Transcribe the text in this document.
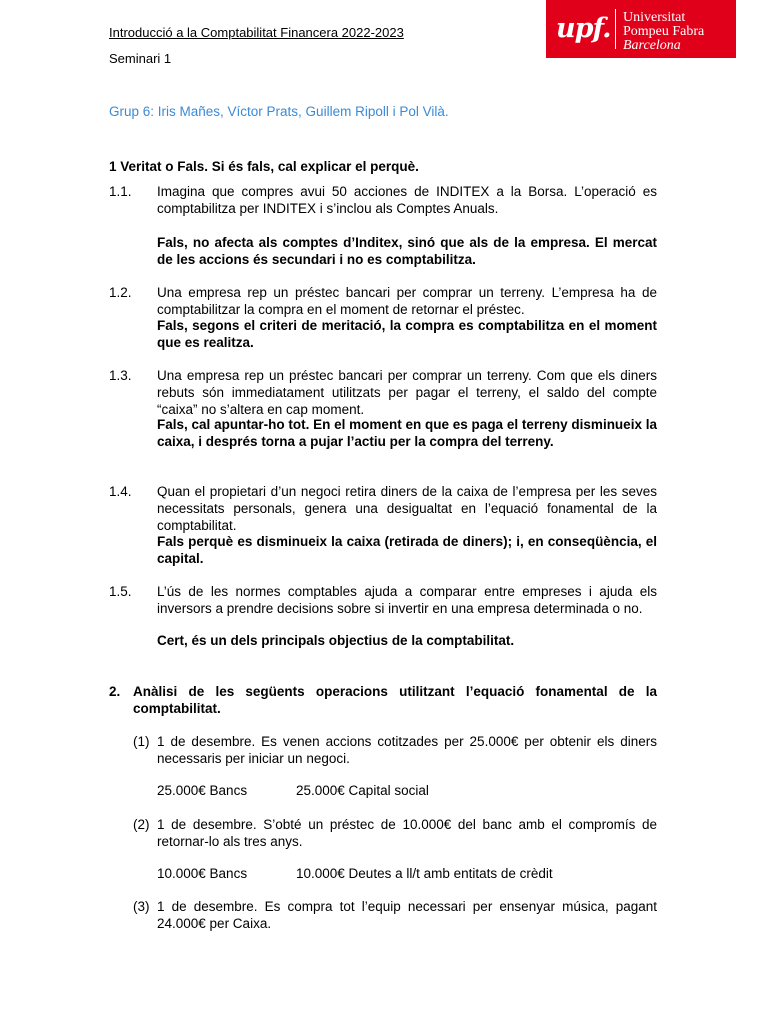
Introducció a la Comptabilitat Financera 2022-2023
Seminari 1
upf. Universitat
Pompeu Fabra
Barcelona
Grup 6: Iris Mañes, Víctor Prats, Guillem Ripoll i Pol Vilà.
1 Veritat o Fals. Si és fals, cal explicar el perquè.
1.1. Imagina que compres avui 50 acciones de INDITEX a la Borsa. L’operació es comptabilitza per INDITEX i s’inclou als Comptes Anuals.
Fals, no afecta als comptes d’Inditex, sinó que als de la empresa. El mercat de les accions és secundari i no es comptabilitza.
1.2. Una empresa rep un préstec bancari per comprar un terreny. L’empresa ha de comptabilitzar la compra en el moment de retornar el préstec.
Fals, segons el criteri de meritació, la compra es comptabilitza en el moment que es realitza.
1.3. Una empresa rep un préstec bancari per comprar un terreny. Com que els diners rebuts són immediatament utilitzats per pagar el terreny, el saldo del compte “caixa” no s’altera en cap moment.
Fals, cal apuntar-ho tot. En el moment en que es paga el terreny disminueix la caixa, i després torna a pujar l’actiu per la compra del terreny.
1.4. Quan el propietari d’un negoci retira diners de la caixa de l’empresa per les seves necessitats personals, genera una desigualtat en l’equació fonamental de la comptabilitat.
Fals perquè es disminueix la caixa (retirada de diners); i, en conseqüència, el capital.
1.5. L’ús de les normes comptables ajuda a comparar entre empreses i ajuda els inversors a prendre decisions sobre si invertir en una empresa determinada o no.
Cert, és un dels principals objectius de la comptabilitat.
2. Anàlisi de les següents operacions utilitzant l’equació fonamental de la comptabilitat.
(1) 1 de desembre. Es venen accions cotitzades per 25.000€ per obtenir els diners necessaris per iniciar un negoci.
25.000€ Bancs	25.000€ Capital social
(2) 1 de desembre. S’obté un préstec de 10.000€ del banc amb el compromís de retornar-lo als tres anys.
10.000€ Bancs	10.000€ Deutes a ll/t amb entitats de crèdit
(3) 1 de desembre. Es compra tot l’equip necessari per ensenyar música, pagant 24.000€ per Caixa.
